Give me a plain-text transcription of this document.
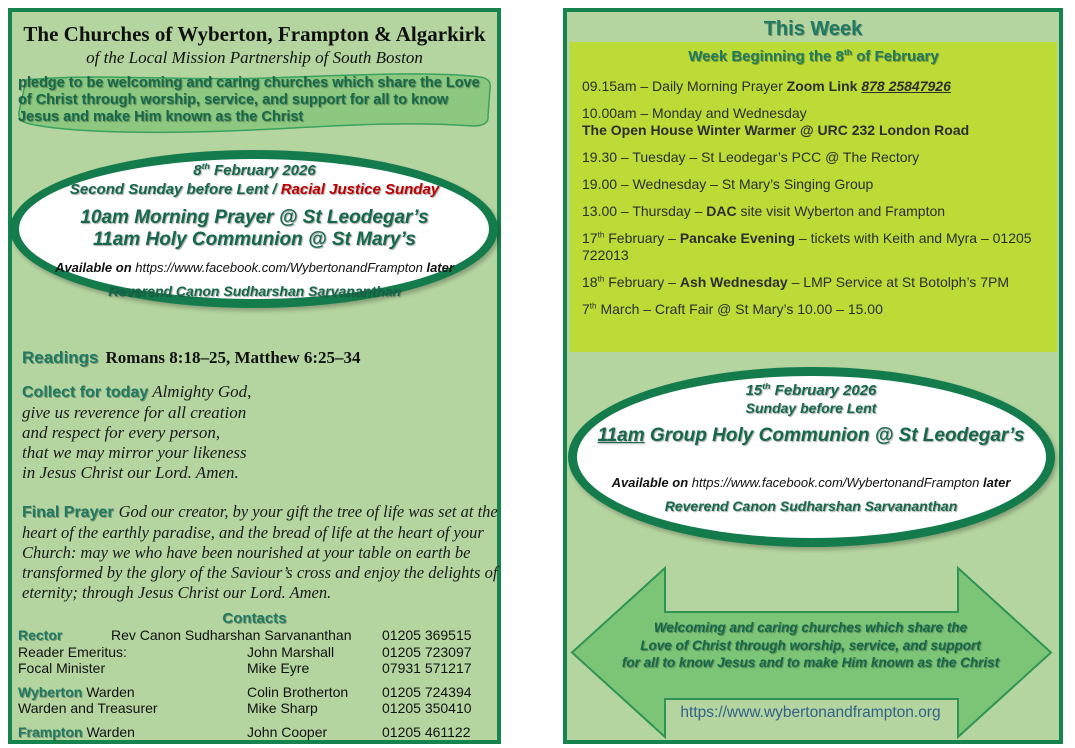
The Churches of Wyberton, Frampton & Algarkirk
of the Local Mission Partnership of South Boston
pledge to be welcoming and caring churches which share the Love of Christ through worship, service, and support for all to know Jesus and make Him known as the Christ
8th February 2026
Second Sunday before Lent / Racial Justice Sunday
10am Morning Prayer @ St Leodegar’s
11am Holy Communion @ St Mary’s
Available on https://www.facebook.com/WybertonandFrampton later
Reverend Canon Sudharshan Sarvananthan
Readings Romans 8:18–25, Matthew 6:25–34
Collect for today Almighty God,
give us reverence for all creation
and respect for every person,
that we may mirror your likeness
in Jesus Christ our Lord. Amen.
Final Prayer God our creator, by your gift the tree of life was set at the heart of the earthly paradise, and the bread of life at the heart of your Church: may we who have been nourished at your table on earth be transformed by the glory of the Saviour’s cross and enjoy the delights of eternity; through Jesus Christ our Lord. Amen.
Contacts
Rector	Rev Canon Sudharshan Sarvananthan 01205 369515
Reader Emeritus:	John Marshall	01205 723097
Focal Minister	Mike Eyre	07931 571217
Wyberton Warden	Colin Brotherton 01205 724394
Warden and Treasurer	Mike Sharp	01205 350410
Frampton Warden	John Cooper	01205 461122
This Week
Week Beginning the 8th of February

09.15am – Daily Morning Prayer Zoom Link 878 25847926

10.00am – Monday and Wednesday
The Open House Winter Warmer @ URC 232 London Road

19.30 – Tuesday – St Leodegar’s PCC @ The Rectory

19.00 – Wednesday – St Mary’s Singing Group

13.00 – Thursday – DAC site visit Wyberton and Frampton

17th February – Pancake Evening – tickets with Keith and Myra – 01205 722013

18th February – Ash Wednesday – LMP Service at St Botolph’s 7PM

7th March – Craft Fair @ St Mary’s 10.00 – 15.00

15th February 2026
Sunday before Lent
11am Group Holy Communion @ St Leodegar’s
Available on https://www.facebook.com/WybertonandFrampton later
Reverend Canon Sudharshan Sarvananthan
Welcoming and caring churches which share the
Love of Christ through worship, service, and support
for all to know Jesus and to make Him known as the Christ
https://www.wybertonandframpton.org
